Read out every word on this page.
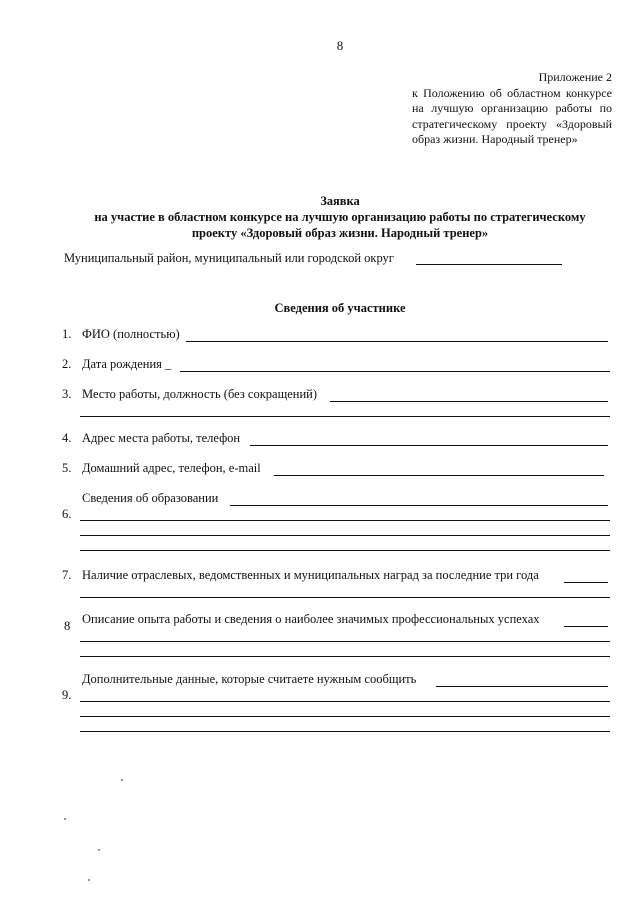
8
Приложение 2
к Положению об областном конкурсе на лучшую организацию работы по стратегическому проекту «Здоровый образ жизни. Народный тренер»
Заявка
на участие в областном конкурсе на лучшую организацию работы по стратегическому
проекту «Здоровый образ жизни. Народный тренер»
Муниципальный район, муниципальный или городской округ
Сведения об участнике
1. ФИО (полностью)
2. Дата рождения _
3. Место работы, должность (без сокращений)
4. Адрес места работы, телефон
5. Домашний адрес, телефон, e-mail
Сведения об образовании
6.
7. Наличие отраслевых, ведомственных и муниципальных наград за последние три года
8 Описание опыта работы и сведения о наиболее значимых профессиональных успехах
Дополнительные данные, которые считаете нужным сообщить
9.
